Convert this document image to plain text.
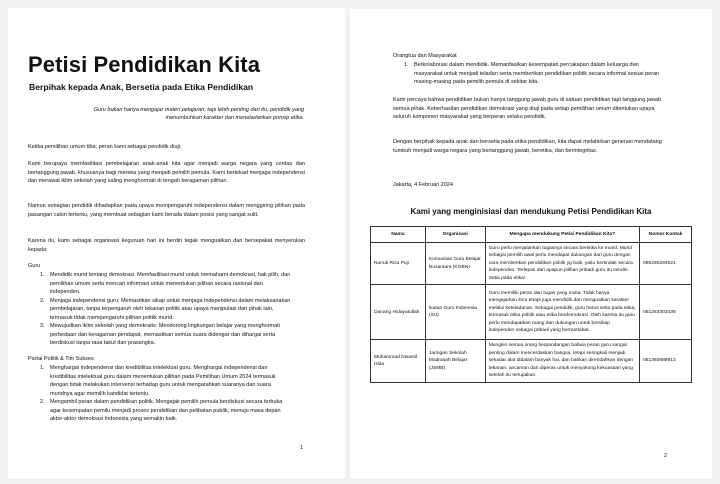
Petisi Pendidikan Kita
Berpihak kepada Anak, Bersetia pada Etika Pendidikan
Guru bukan hanya mengajar materi pelajaran, tapi lebih penting dari itu, pendidik yang menumbuhkan karakter dan meneladankan prinsip etika.
Ketika pemilihan umum tiba, peran kami sebagai pendidik diuji.
Kami berupaya memfasilitasi pembelajaran anak-anak kita agar menjadi warga negara yang cerdas dan bertanggung jawab, khususnya bagi mereka yang menjadi pemilih pemula. Kami bertekad menjaga independensi dan merawat iklim sekolah yang saling menghormati di tengah keragaman pilihan.
Namun sebagian pendidik dihadapkan pada upaya mempengaruhi independensi dalam menggiring pilihan pada pasangan calon tertentu, yang membuat sebagian kami berada dalam posisi yang sangat sulit.
Karena itu, kami sebagai organisasi keguruan hari ini berdiri tegak menguatkan dan bersepakat menyerukan kepada:
Guru
1. Mendidik murid tentang demokrasi. Memfasilitasi murid untuk memahami demokrasi, hak pilih, dan pemilihan umum serta mencari informasi untuk menentukan pilihan secara rasional dan independen.
2. Menjaga independensi guru: Memastikan sikap untuk menjaga independensi dalam melaksanakan pembelajaran, tanpa terpengaruh oleh tekanan politik atau upaya manipulasi dari pihak lain, termasuk tidak mempengaruhi pilihan politik murid.
3. Mewujudkan iklim sekolah yang demokratis: Mendorong lingkungan belajar yang menghormati perbedaan dan keragaman pendapat, memastikan semua suara didengar dan dihargai serta berdiskusi tanpa rasa takut dan prasangka.
Partai Politik & Tim Sukses
1. Menghargai independensi dan kredibilitas intelektual guru. Menghargai independensi dan kredibilitas intelektual guru dalam menentukan pilihan pada Pemilihan Umum 2024 termasuk dengan tidak melakukan intervensi terhadap guru untuk mengarahkan suaranya dan suara muridnya agar memilih kandidat tertentu.
2. Mengambil peran dalam pendidikan politik. Mengajak pemilih pemula berdiskusi secara terbuka agar kesempatan pemilu menjadi proses pendidikan dan pelibatan publik, menuju masa depan aktor-aktor demokrasi Indonesia yang semakin baik.
1
Orangtua dan Masyarakat
1. Berkolaborasi dalam mendidik. Memanfaatkan kesempatan percakapan dalam keluarga dan masyarakat untuk menjadi teladan serta memberikan pendidikan politik secara informal sesuai peran masing-masing pada pemilih pemula di sekitar kita.
Kami percaya bahwa pendidikan bukan hanya tanggung jawab guru di satuan pendidikan tapi tanggung jawab semua pihak. Keberhasilan pendidikan demokrasi yang diuji pada setiap pemilihan umum ditentukan upaya seluruh komponen masyarakat yang berperan selaku pendidik.
Dengan berpihak kepada anak dan bersetia pada etika pendidikan, kita dapat melahirkan generasi mendatang tumbuh menjadi warga negara yang bertanggung jawab, beretika, dan berintegritas.
Jakarta, 4 Februari 2024
Kami yang menginisiasi dan mendukung Petisi Pendidikan Kita
Nama	Organisasi	Mengapa mendukung Petisi Pendidikan Kita?	Nomor Kontak
Nunuk Riza Puji	Komunitas Guru Belajar Nusantara (KGBN)	Guru perlu menjalankan tugasnya secara beretika ke murid. Murid sebagai pemilih awal perlu mendapat dukungan dari guru dengan cara memberikan pendidikan politik yg baik, yaitu bertindak secara independen. Terlepas dari apapun pilihan pribadi guru itu sendiri. Setia pada etika!	085290294521
Danang Hidayatullah	Ikatan Guru Indonesia (IGI)	Guru memiliki peran dan tugas yang mulia. Tidak hanya mengajarkan ilmu tetapi juga mendidik dan menguatkan karakter melalui keteladanan. Sebagai pendidik, guru harus setia pada etika, termasuk etika politik atau etika berdemokrasi. Oleh karena itu guru perlu mendapatkan ruang dan dukungan untuk bersikap independen sebagai pribadi yang bermartabat.	081283303435
Muhammad Nisamil Hida	Jaringan Sekolah Madrasah Belajar (JSMB)	Mungkin semua orang berpandangan bahwa peran guru sangat penting dalam mencerdaskan bangsa, tetapi seringkali menjadi sekadar alat didalam banyak hal, dan bahkan direndahkan dengan tekanan, ancaman dan diperas untuk menyokong kekuasaan yang setelah itu terlupakan.	081393989913
2
